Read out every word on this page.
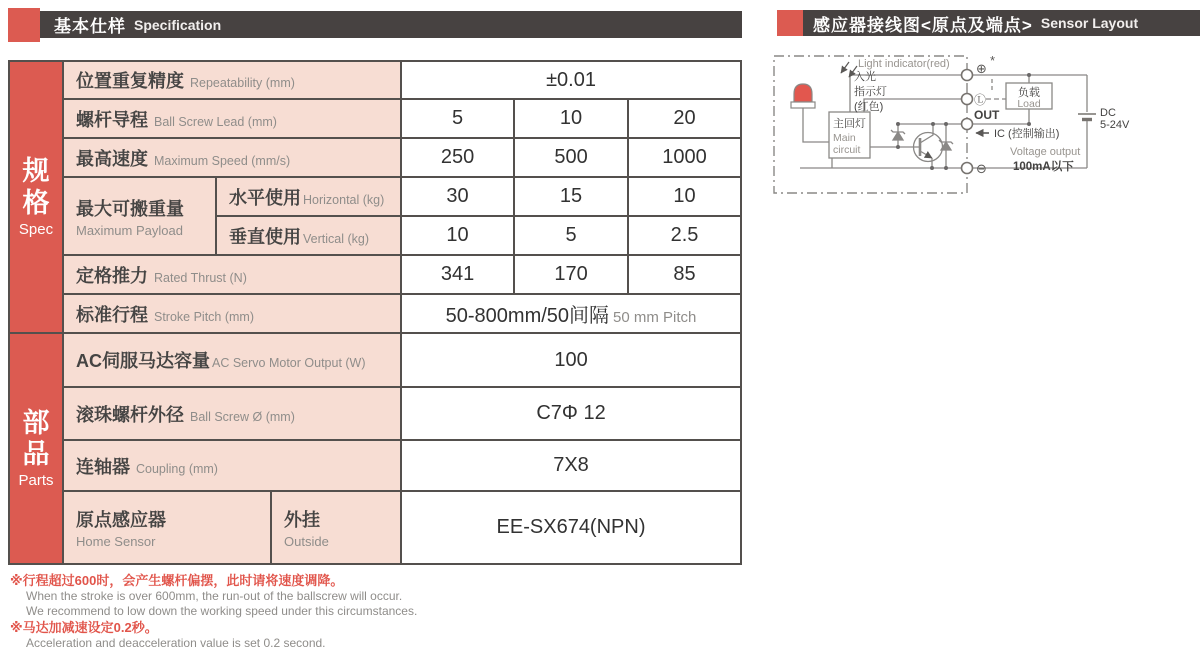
基本仕样 Specification	感应器接线图<原点及端点> Sensor Layout
规格
Spec	位置重复精度 Repeatability (mm)			±0.01		
	螺杆导程 Ball Screw Lead (mm)			5	10	20
	最高速度 Maximum Speed (mm/s)			250	500	1000

	最大可搬重量
Maximum Payload	水平使用 Horizontal (kg)		30	15	10
		垂直使用 Vertical (kg)		10	5	2.5
	定格推力 Rated Thrust (N)			341	170	85
	标准行程 Stroke Pitch (mm)			50-800mm/50间隔 50 mm Pitch		

部品
Parts	AC伺服马达容量 AC Servo Motor Output (W)			100		
	滚珠螺杆外径 Ball Screw Ø (mm)			C7Φ 12		
	连轴器 Coupling (mm)			7X8		

	原点感应器
Home Sensor		外挂
Outside	EE-SX674(NPN)		
※行程超过600时，会产生螺杆偏摆，此时请将速度调降。
When the stroke is over 600mm, the run-out of the ballscrew will occur.
We recommend to low down the working speed under this circumstances.
※马达加减速设定0.2秒。
Acceleration and deacceleration value is set 0.2 second.
Light indicator(red)
入光
指示灯
(红色)
主回灯
Main
circuit
负载
Load
⊕
*
Ⓛ
OUT
IC (控制输出)
Voltage output
100mA以下
DC
5-24V
⊖
